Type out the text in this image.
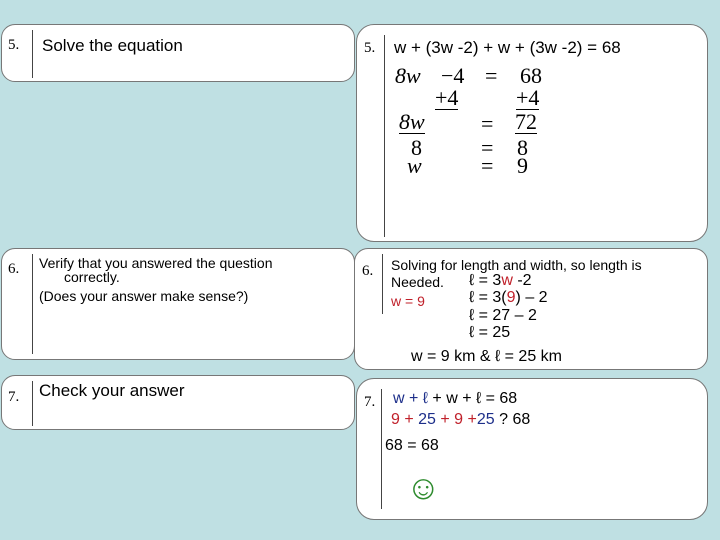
5. Solve the equation
6. Verify that you answered the question
correctly.
(Does your answer make sense?)
7. Check your answer
5. w + (3w -2) + w + (3w -2) = 68
8w −4 = 68
+4	+4
8w	= 72
8	= 8
w	= 9
6. Solving for length and width, so length is
Needed.
w = 9
ℓ = 3w -2
ℓ = 3(9) – 2
ℓ = 27 – 2
ℓ = 25
w = 9 km & ℓ = 25 km
7. w + ℓ + w + ℓ = 68
9 + 25 + 9 +25 ? 68
68 = 68
☺
